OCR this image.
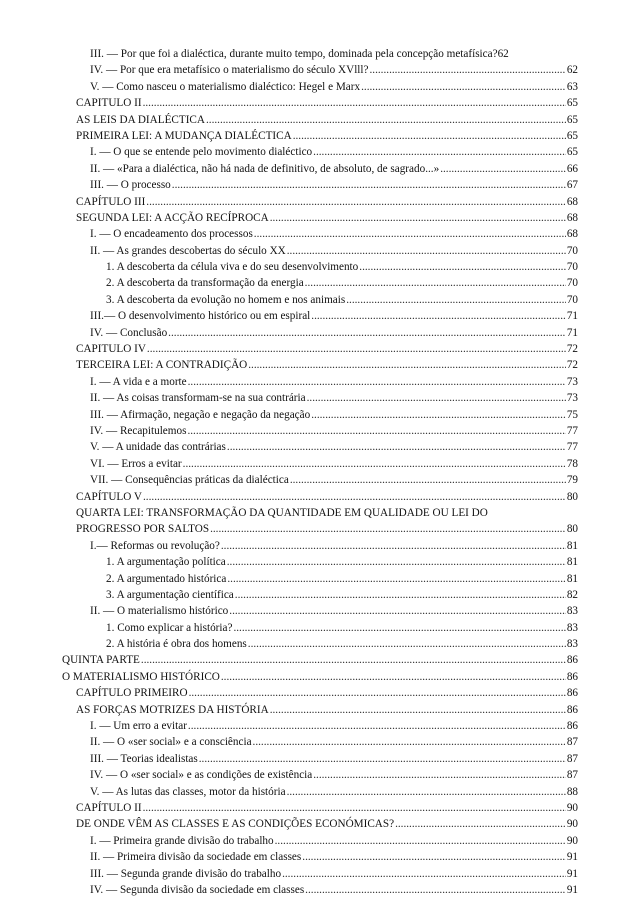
III. — Por que foi a dialéctica, durante muito tempo, dominada pela concepção metafísica? 62
IV. — Por que era metafísico o materialismo do século XVlll? .....	62
V. — Como nasceu o materialismo dialéctico: Hegel e Marx .....	63
CAPITULO II .....	65
AS LEIS DA DIALÉCTICA .....	65
PRIMEIRA LEI: A MUDANÇA DIALÉCTICA .....	65
I. — O que se entende pelo movimento dialéctico .....	65
II. — «Para a dialéctica, não há nada de definitivo, de absoluto, de sagrado...» .....	66
III. — O processo .....	67
CAPÍTULO III .....	68
SEGUNDA LEI: A ACÇÃO RECÍPROCA .....	68
I. — O encadeamento dos processos .....	68
II. — As grandes descobertas do século XX .....	70
1. A descoberta da célula viva e do seu desenvolvimento .....	70
2. A descoberta da transformação da energia .....	70
3. A descoberta da evolução no homem e nos animais .....	70
III.— O desenvolvimento histórico ou em espiral .....	71
IV. — Conclusão .....	71
CAPITULO IV .....	72
TERCEIRA LEI: A CONTRADIÇÃO .....	72
I. — A vida e a morte .....	73
II. — As coisas transformam-se na sua contrária .....	73
III. — Afirmação, negação e negação da negação .....	75
IV. — Recapitulemos .....	77
V. — A unidade das contrárias .....	77
VI. — Erros a evitar .....	78
VII. — Consequências práticas da dialéctica .....	79
CAPÍTULO V .....	80
QUARTA LEI: TRANSFORMAÇÃO DA QUANTIDADE EM QUALIDADE OU LEI DO
PROGRESSO POR SALTOS .....	80
I.— Reformas ou revolução? .....	81
1. A argumentação política .....	81
2. A argumentado histórica .....	81
3. A argumentação científica .....	82
II. — O materialismo histórico .....	83
1. Como explicar a história? .....	83
2. A história é obra dos homens .....	83
QUINTA PARTE .....	86
O MATERIALISMO HISTÓRICO .....	86
CAPÍTULO PRIMEIRO .....	86
AS FORÇAS MOTRIZES DA HISTÓRIA .....	86
I. — Um erro a evitar .....	86
II. — O «ser social» e a consciência .....	87
III. — Teorias idealistas .....	87
IV. — O «ser social» e as condições de existência .....	87
V. — As lutas das classes, motor da história .....	88
CAPÍTULO II .....	90
DE ONDE VÊM AS CLASSES E AS CONDIÇÕES ECONÓMICAS? .....	90
I. — Primeira grande divisão do trabalho .....	90
II. — Primeira divisão da sociedade em classes .....	91
III. — Segunda grande divisão do trabalho .....	91
IV. — Segunda divisão da sociedade em classes .....	91
